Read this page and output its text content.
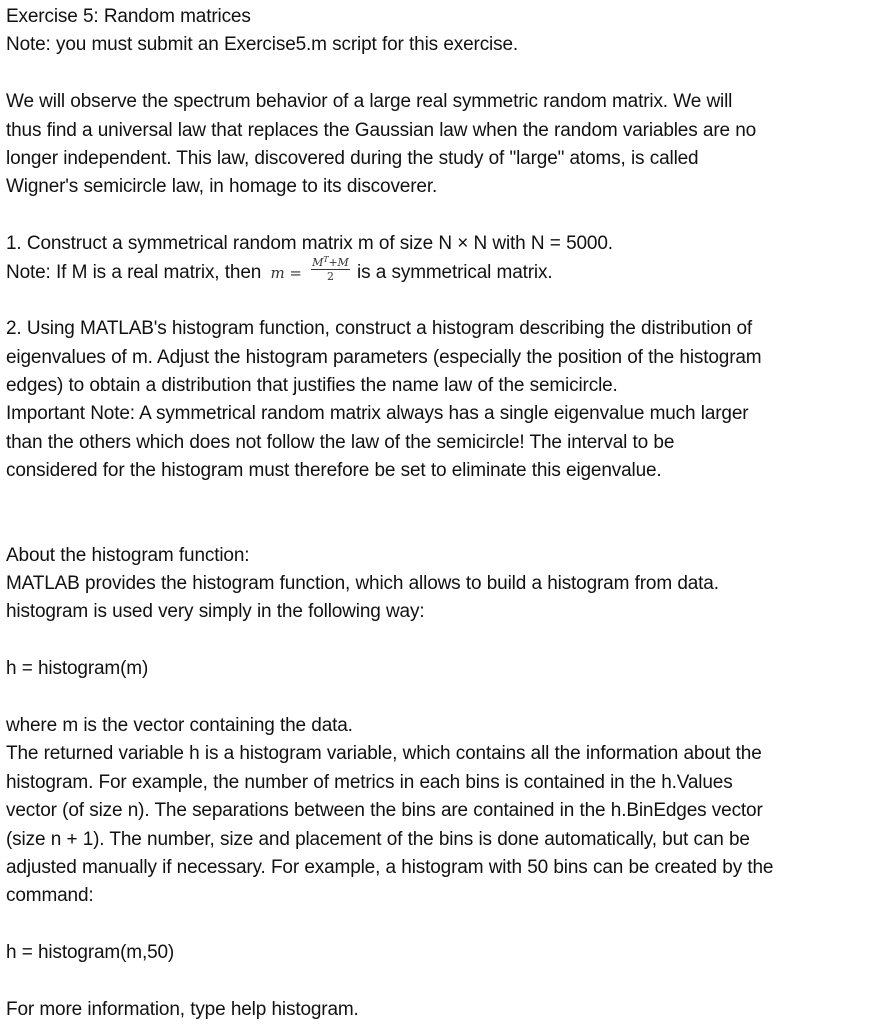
Exercise 5: Random matrices
Note: you must submit an Exercise5.m script for this exercise.
We will observe the spectrum behavior of a large real symmetric random matrix. We will
thus find a universal law that replaces the Gaussian law when the random variables are no
longer independent. This law, discovered during the study of "large" atoms, is called
Wigner's semicircle law, in homage to its discoverer.
1. Construct a symmetrical random matrix m of size N × N with N = 5000.
Note: If M is a real matrix, then $m = \frac{M^T+M}{2}$ is a symmetrical matrix.
2. Using MATLAB's histogram function, construct a histogram describing the distribution of
eigenvalues of m. Adjust the histogram parameters (especially the position of the histogram
edges) to obtain a distribution that justifies the name law of the semicircle.
Important Note: A symmetrical random matrix always has a single eigenvalue much larger
than the others which does not follow the law of the semicircle! The interval to be
considered for the histogram must therefore be set to eliminate this eigenvalue.
About the histogram function:
MATLAB provides the histogram function, which allows to build a histogram from data.
histogram is used very simply in the following way:
h = histogram(m)
where m is the vector containing the data.
The returned variable h is a histogram variable, which contains all the information about the
histogram. For example, the number of metrics in each bins is contained in the h.Values
vector (of size n). The separations between the bins are contained in the h.BinEdges vector
(size n + 1). The number, size and placement of the bins is done automatically, but can be
adjusted manually if necessary. For example, a histogram with 50 bins can be created by the
command:
h = histogram(m,50)
For more information, type help histogram.
